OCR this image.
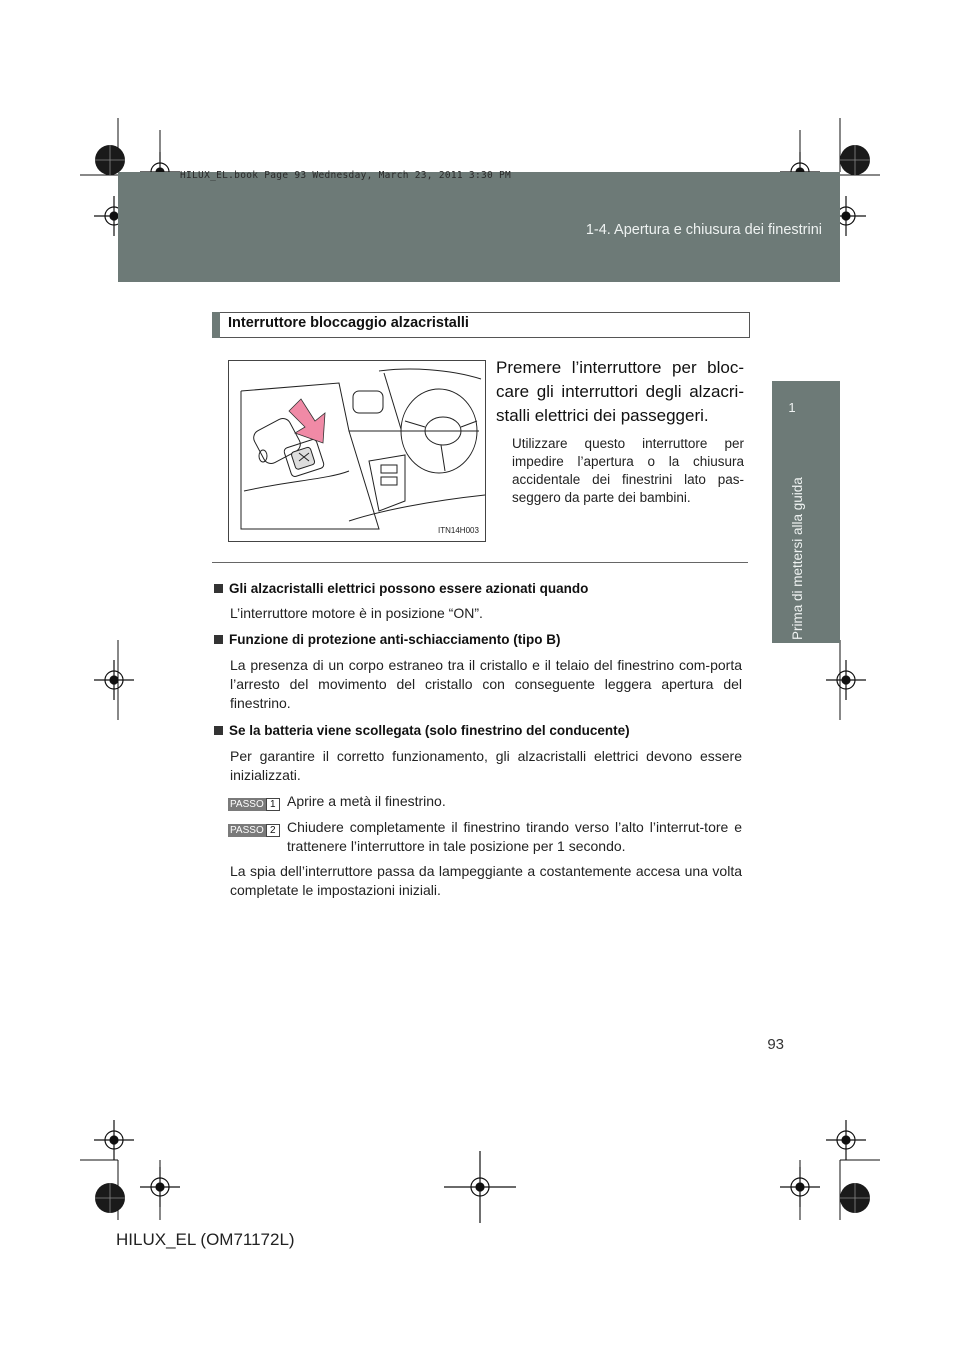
1-4. Apertura e chiusura dei finestrini
HILUX_EL.book Page 93 Wednesday, March 23, 2011 3:30 PM
1
Prima di mettersi alla guida
Interruttore bloccaggio alzacristalli
ITN14H003
Premere l’interruttore per bloc-care gli interruttori degli alzacri-stalli elettrici dei passeggeri.
Utilizzare questo interruttore per impedire l’apertura o la chiusura accidentale dei finestrini lato pas-seggero da parte dei bambini.
Gli alzacristalli elettrici possono essere azionati quando
L’interruttore motore è in posizione “ON”.
Funzione di protezione anti-schiacciamento (tipo B)
La presenza di un corpo estraneo tra il cristallo e il telaio del finestrino com-porta l’arresto del movimento del cristallo con conseguente leggera apertura del finestrino.
Se la batteria viene scollegata (solo finestrino del conducente)
Per garantire il corretto funzionamento, gli alzacristalli elettrici devono essere inizializzati.
PASSO 1 Aprire a metà il finestrino.
PASSO 2 Chiudere completamente il finestrino tirando verso l’alto l’interrut-tore e trattenere l’interruttore in tale posizione per 1 secondo.
La spia dell’interruttore passa da lampeggiante a costantemente accesa una volta completate le impostazioni iniziali.
93
HILUX_EL (OM71172L)
